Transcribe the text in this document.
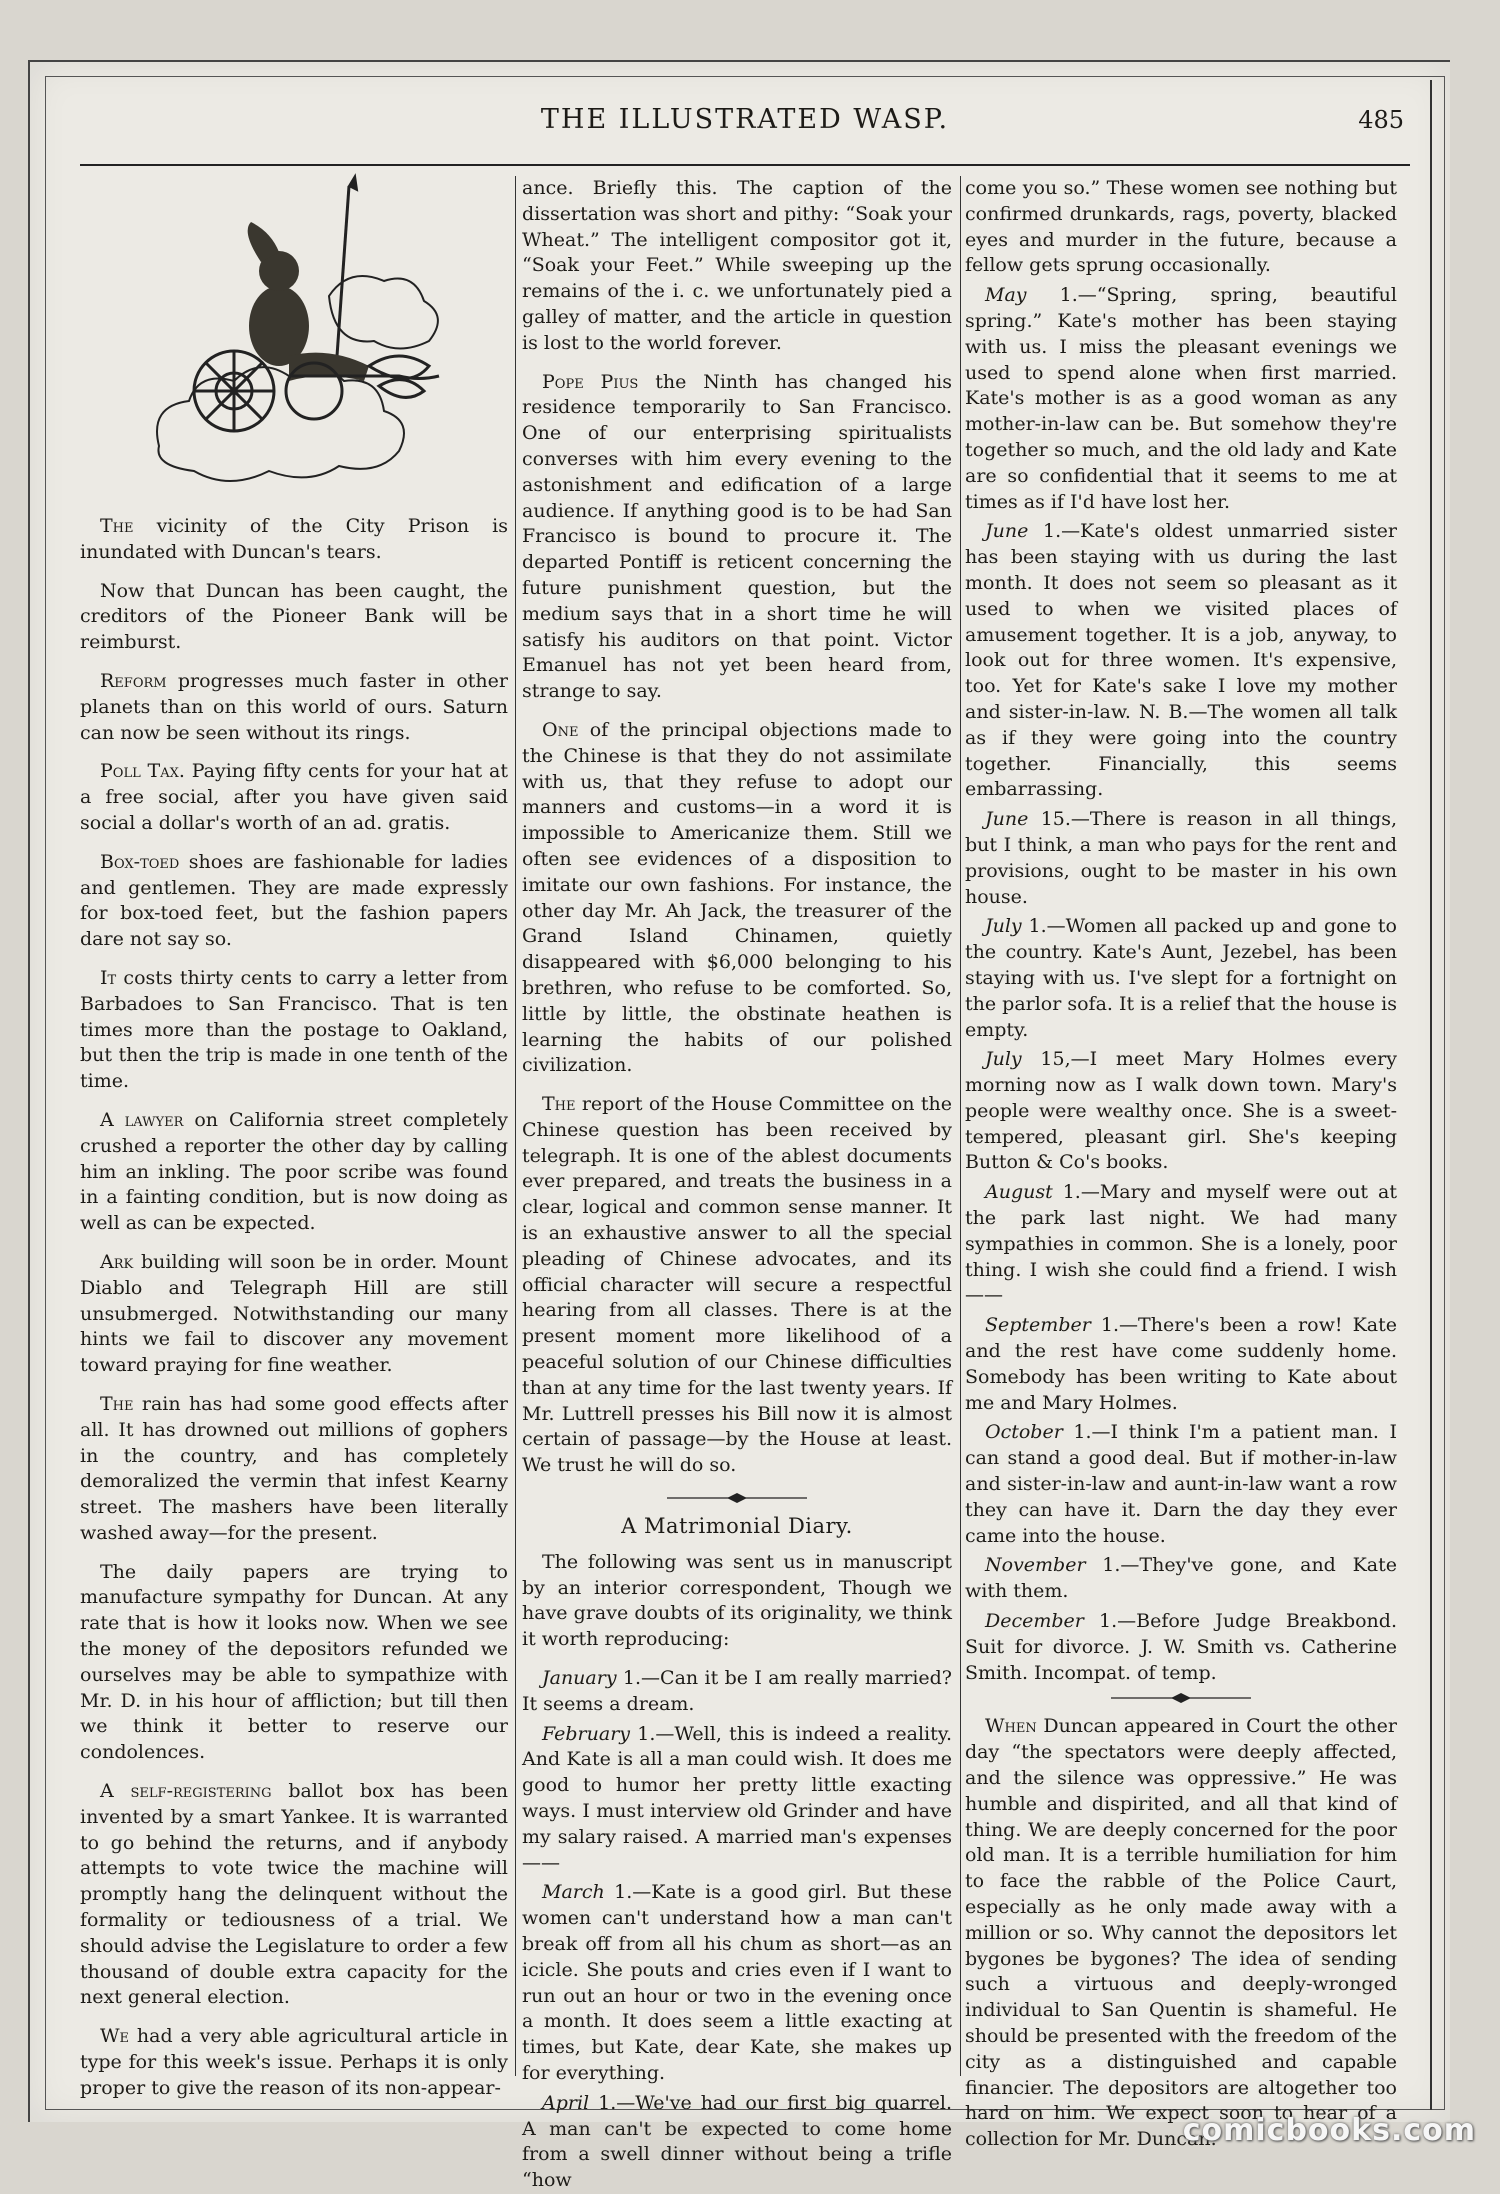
THE ILLUSTRATED WASP.	485

The vicinity of the City Prison is inundated with Duncan's tears.

Now that Duncan has been caught, the creditors of the Pioneer Bank will be reimburst.

Reform progresses much faster in other planets than on this world of ours. Saturn can now be seen without its rings.

Poll Tax. Paying fifty cents for your hat at a free social, after you have given said social a dollar's worth of an ad. gratis.

Box-toed shoes are fashionable for ladies and gentlemen. They are made expressly for box-toed feet, but the fashion papers dare not say so.

It costs thirty cents to carry a letter from Barbadoes to San Francisco. That is ten times more than the postage to Oakland, but then the trip is made in one tenth of the time.

A lawyer on California street completely crushed a reporter the other day by calling him an inkling. The poor scribe was found in a fainting condition, but is now doing as well as can be expected.

Ark building will soon be in order. Mount Diablo and Telegraph Hill are still unsubmerged. Notwithstanding our many hints we fail to discover any movement toward praying for fine weather.

The rain has had some good effects after all. It has drowned out millions of gophers in the country, and has completely demoralized the vermin that infest Kearny street. The mashers have been literally washed away—for the present.

The daily papers are trying to manufacture sympathy for Duncan. At any rate that is how it looks now. When we see the money of the depositors refunded we ourselves may be able to sympathize with Mr. D. in his hour of affliction; but till then we think it better to reserve our condolences.

A self-registering ballot box has been invented by a smart Yankee. It is warranted to go behind the returns, and if anybody attempts to vote twice the machine will promptly hang the delinquent without the formality or tediousness of a trial. We should advise the Legislature to order a few thousand of double extra capacity for the next general election.

We had a very able agricultural article in type for this week's issue. Perhaps it is only proper to give the reason of its non-appear-

ance. Briefly this. The caption of the dissertation was short and pithy: “Soak your Wheat.” The intelligent compositor got it, “Soak your Feet.” While sweeping up the remains of the i. c. we unfortunately pied a galley of matter, and the article in question is lost to the world forever.

Pope Pius the Ninth has changed his residence temporarily to San Francisco. One of our enterprising spiritualists converses with him every evening to the astonishment and edification of a large audience. If anything good is to be had San Francisco is bound to procure it. The departed Pontiff is reticent concerning the future punishment question, but the medium says that in a short time he will satisfy his auditors on that point. Victor Emanuel has not yet been heard from, strange to say.

One of the principal objections made to the Chinese is that they do not assimilate with us, that they refuse to adopt our manners and customs—in a word it is impossible to Americanize them. Still we often see evidences of a disposition to imitate our own fashions. For instance, the other day Mr. Ah Jack, the treasurer of the Grand Island Chinamen, quietly disappeared with $6,000 belonging to his brethren, who refuse to be comforted. So, little by little, the obstinate heathen is learning the habits of our polished civilization.

The report of the House Committee on the Chinese question has been received by telegraph. It is one of the ablest documents ever prepared, and treats the business in a clear, logical and common sense manner. It is an exhaustive answer to all the special pleading of Chinese advocates, and its official character will secure a respectful hearing from all classes. There is at the present moment more likelihood of a peaceful solution of our Chinese difficulties than at any time for the last twenty years. If Mr. Luttrell presses his Bill now it is almost certain of passage—by the House at least. We trust he will do so.

A Matrimonial Diary.

The following was sent us in manuscript by an interior correspondent, Though we have grave doubts of its originality, we think it worth reproducing:

January 1.—Can it be I am really married? It seems a dream.

February 1.—Well, this is indeed a reality. And Kate is all a man could wish. It does me good to humor her pretty little exacting ways. I must interview old Grinder and have my salary raised. A married man's expenses——

March 1.—Kate is a good girl. But these women can't understand how a man can't break off from all his chum as short—as an icicle. She pouts and cries even if I want to run out an hour or two in the evening once a month. It does seem a little exacting at times, but Kate, dear Kate, she makes up for everything.

April 1.—We've had our first big quarrel. A man can't be expected to come home from a swell dinner without being a trifle “how

come you so.” These women see nothing but confirmed drunkards, rags, poverty, blacked eyes and murder in the future, because a fellow gets sprung occasionally.

May 1.—“Spring, spring, beautiful spring.” Kate's mother has been staying with us. I miss the pleasant evenings we used to spend alone when first married. Kate's mother is as a good woman as any mother-in-law can be. But somehow they're together so much, and the old lady and Kate are so confidential that it seems to me at times as if I'd have lost her.

June 1.—Kate's oldest unmarried sister has been staying with us during the last month. It does not seem so pleasant as it used to when we visited places of amusement together. It is a job, anyway, to look out for three women. It's expensive, too. Yet for Kate's sake I love my mother and sister-in-law. N. B.—The women all talk as if they were going into the country together. Financially, this seems embarrassing.

June 15.—There is reason in all things, but I think, a man who pays for the rent and provisions, ought to be master in his own house.

July 1.—Women all packed up and gone to the country. Kate's Aunt, Jezebel, has been staying with us. I've slept for a fortnight on the parlor sofa. It is a relief that the house is empty.

July 15,—I meet Mary Holmes every morning now as I walk down town. Mary's people were wealthy once. She is a sweet-tempered, pleasant girl. She's keeping Button & Co's books.

August 1.—Mary and myself were out at the park last night. We had many sympathies in common. She is a lonely, poor thing. I wish she could find a friend. I wish ——

September 1.—There's been a row! Kate and the rest have come suddenly home. Somebody has been writing to Kate about me and Mary Holmes.

October 1.—I think I'm a patient man. I can stand a good deal. But if mother-in-law and sister-in-law and aunt-in-law want a row they can have it. Darn the day they ever came into the house.

November 1.—They've gone, and Kate with them.

December 1.—Before Judge Breakbond. Suit for divorce. J. W. Smith vs. Catherine Smith. Incompat. of temp.

When Duncan appeared in Court the other day “the spectators were deeply affected, and the silence was oppressive.” He was humble and dispirited, and all that kind of thing. We are deeply concerned for the poor old man. It is a terrible humiliation for him to face the rabble of the Police Caurt, especially as he only made away with a million or so. Why cannot the depositors let bygones be bygones? The idea of sending such a virtuous and deeply-wronged individual to San Quentin is shameful. He should be presented with the freedom of the city as a distinguished and capable financier. The depositors are altogether too hard on him. We expect soon to hear of a collection for Mr. Duncan.

comicbooks.com
